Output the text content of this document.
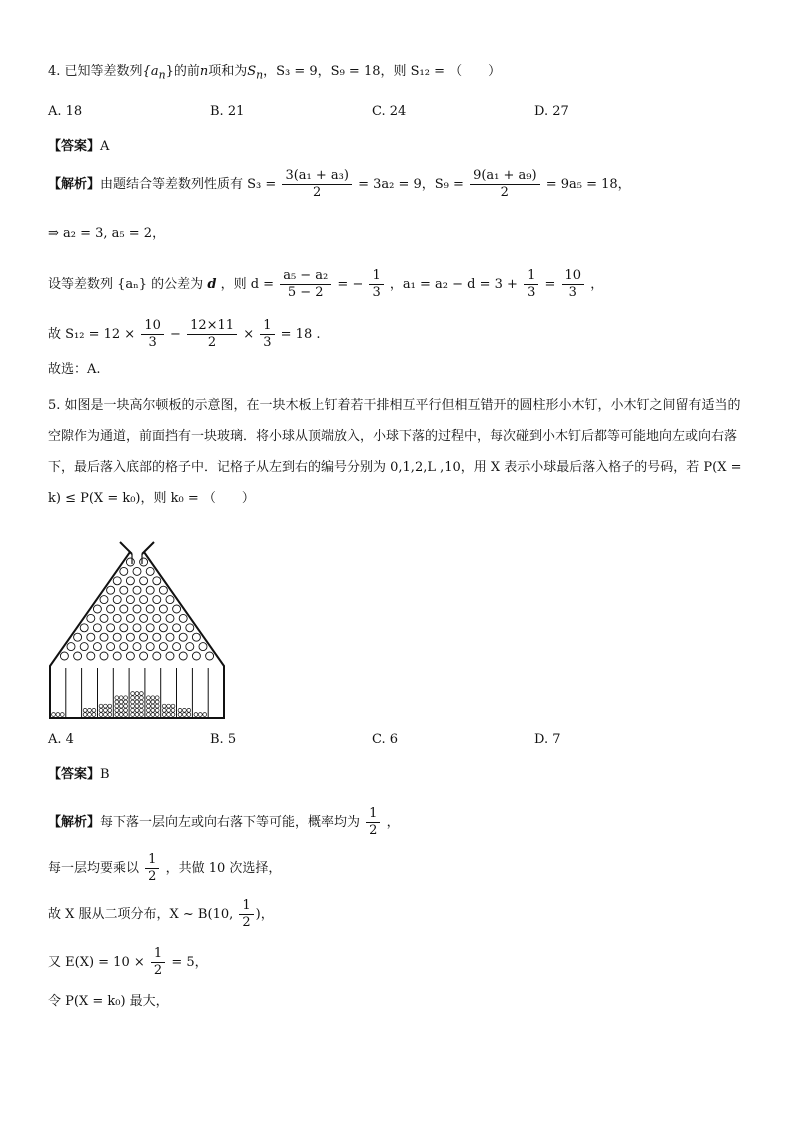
4. 已知等差数列$\{a_n\}$的前n项和为$S_n$，S₃ = 9，S₉ = 18，则 S₁₂ = （　　）
A. 18	B. 21	C. 24	D. 27
【答案】A
【解析】由题结合等差数列性质有 $S_3 = \frac{\text{3(a₁ + a₃)}}{2} = 3a_2 = 9$，$S_9 = \frac{\text{9(a₁ + a₉)}}{2} = 9a_5 = 18$，
⇒ a₂ = 3, a₅ = 2，
设等差数列 {aₙ} 的公差为 d ，则 $d = \frac{\text{a₅ − a₂}}{5 - 2}$ = − $\frac{1}{3}$ ，$a_1 = a_2 - d = 3 + \frac{1}{3} = \frac{10}{3}$ ，
故 $S_{12} = 12 \times \frac{10}{3} - \frac{12\times 11}{2} \times \frac{1}{3} = 18$ .
故选：A.
5. 如图是一块高尔顿板的示意图，在一块木板上钉着若干排相互平行但相互错开的圆柱形小木钉，小木钉之间留有适当的空隙作为通道，前面挡有一块玻璃．将小球从顶端放入，小球下落的过程中，每次碰到小木钉后都等可能地向左或向右落下，最后落入底部的格子中．记格子从左到右的编号分别为 0,1,2,L ,10，用 X 表示小球最后落入格子的号码，若 P(X = k) ≤ P(X = k₀)，则 k₀ = （　　）
A. 4	B. 5	C. 6	D. 7
【答案】B
【解析】每下落一层向左或向右落下等可能，概率均为 $\frac{1}{2}$ ，
每一层均要乘以 $\frac{1}{2}$ ，共做 10 次选择，
故 X 服从二项分布，X ~ B(10, $\frac{1}{2}$ )，
又 $E(X) = 10 \times \frac{1}{2} = 5$，
令 P(X = k₀) 最大，
